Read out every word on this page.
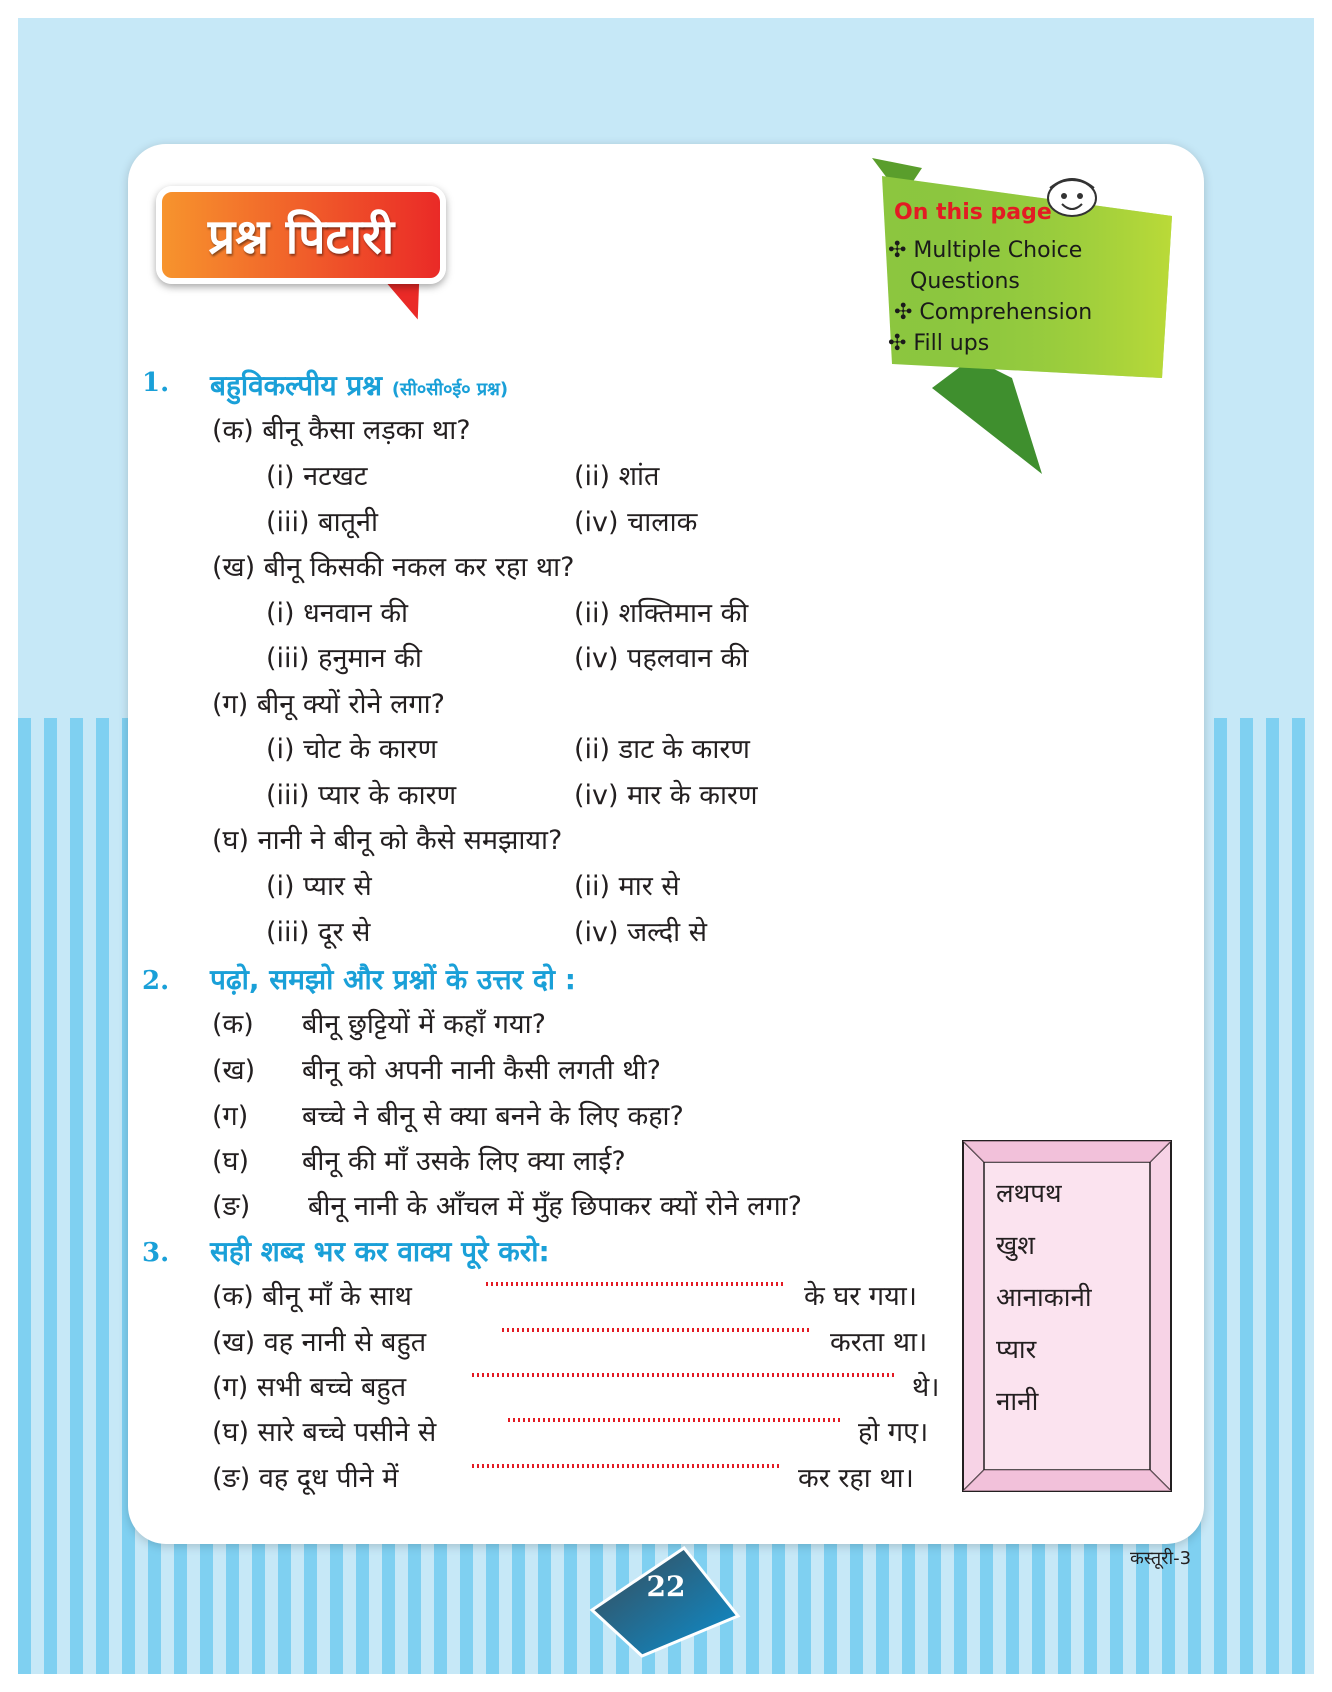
प्रश्न पिटारी	On this page
✣ Multiple Choice
Questions
✣ Comprehension
✣ Fill ups
1. बहुविकल्पीय प्रश्न (सी०सी०ई० प्रश्न)
(क) बीनू कैसा लड़का था?
(i) नटखट	(ii) शांत
(iii) बातूनी	(iv) चालाक
(ख) बीनू किसकी नकल कर रहा था?
(i) धनवान की	(ii) शक्तिमान की
(iii) हनुमान की	(iv) पहलवान की
(ग) बीनू क्यों रोने लगा?
(i) चोट के कारण	(ii) डाट के कारण
(iii) प्यार के कारण	(iv) मार के कारण
(घ) नानी ने बीनू को कैसे समझाया?
(i) प्यार से	(ii) मार से
(iii) दूर से	(iv) जल्दी से
2. पढ़ो, समझो और प्रश्नों के उत्तर दो :
(क) बीनू छुट्टियों में कहाँ गया?
(ख) बीनू को अपनी नानी कैसी लगती थी?
(ग) बच्चे ने बीनू से क्या बनने के लिए कहा?
(घ) बीनू की माँ उसके लिए क्या लाई?
(ङ) बीनू नानी के आँचल में मुँह छिपाकर क्यों रोने लगा?
3. सही शब्द भर कर वाक्य पूरे करो:
(क) बीनू माँ के साथ	के घर गया।
(ख) वह नानी से बहुत	करता था।
(ग) सभी बच्चे बहुत	थे।
(घ) सारे बच्चे पसीने से	हो गए।
(ङ) वह दूध पीने में	कर रहा था।
लथपथ
खुश
आनाकानी
प्यार
नानी
22
कस्तूरी-3
